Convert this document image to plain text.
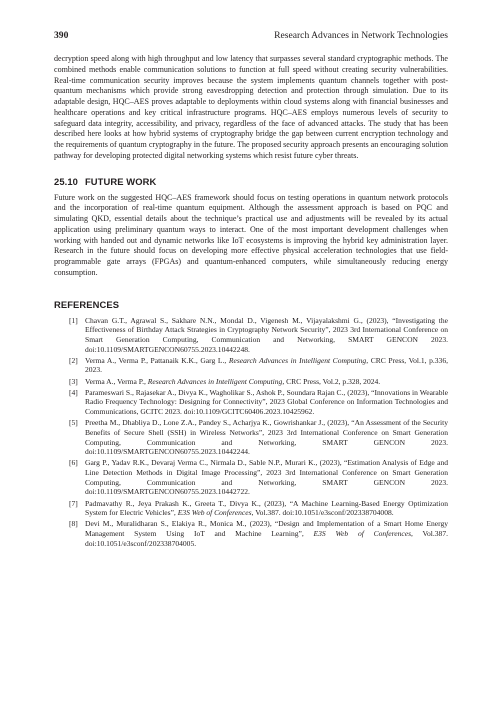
390	Research Advances in Network Technologies

decryption speed along with high throughput and low latency that surpasses several standard cryptographic methods. The combined methods enable communication solutions to function at full speed without creating security vulnerabilities. Real-time communication security improves because the system implements quantum channels together with post-quantum mechanisms which provide strong eavesdropping detection and protection through simulation. Due to its adaptable design, HQC–AES proves adaptable to deployments within cloud systems along with financial businesses and healthcare operations and key critical infrastructure programs. HQC–AES employs numerous levels of security to safeguard data integrity, accessibility, and privacy, regardless of the face of advanced attacks. The study that has been described here looks at how hybrid systems of cryptography bridge the gap between current encryption technology and the requirements of quantum cryptography in the future. The proposed security approach presents an encouraging solution pathway for developing protected digital networking systems which resist future cyber threats.

25.10 FUTURE WORK

Future work on the suggested HQC–AES framework should focus on testing operations in quantum network protocols and the incorporation of real-time quantum equipment. Although the assessment approach is based on PQC and simulating QKD, essential details about the technique’s practical use and adjustments will be revealed by its actual application using preliminary quantum ways to interact. One of the most important development challenges when working with handed out and dynamic networks like IoT ecosystems is improving the hybrid key administration layer. Research in the future should focus on developing more effective physical acceleration technologies that use field-programmable gate arrays (FPGAs) and quantum-enhanced computers, while simultaneously reducing energy consumption.

REFERENCES
[1] Chavan G.T., Agrawal S., Sakhare N.N., Mondal D., Vigenesh M., Vijayalakshmi G., (2023), “Investigating the Effectiveness of Birthday Attack Strategies in Cryptography Network Security”, 2023 3rd International Conference on Smart Generation Computing, Communication and Networking, SMART GENCON 2023. doi:10.1109/SMARTGENCON60755.2023.10442248.
[2] Verma A., Verma P., Pattanaik K.K., Garg L., Research Advances in Intelligent Computing, CRC Press, Vol.1, p.336, 2023.
[3] Verma A., Verma P., Research Advances in Intelligent Computing, CRC Press, Vol.2, p.328, 2024.
[4] Parameswari S., Rajasekar A., Divya K., Wagholikar S., Ashok P., Soundara Rajan C., (2023), “Innovations in Wearable Radio Frequency Technology: Designing for Connectivity”, 2023 Global Conference on Information Technologies and Communications, GCITC 2023. doi:10.1109/GCITC60406.2023.10425962.
[5] Preetha M., Dhabliya D., Lone Z.A., Pandey S., Acharjya K., Gowrishankar J., (2023), “An Assessment of the Security Benefits of Secure Shell (SSH) in Wireless Networks”, 2023 3rd International Conference on Smart Generation Computing, Communication and Networking, SMART GENCON 2023. doi:10.1109/SMARTGENCON60755.2023.10442244.
[6] Garg P., Yadav R.K., Devaraj Verma C., Nirmala D., Sable N.P., Murari K., (2023), “Estimation Analysis of Edge and Line Detection Methods in Digital Image Processing”, 2023 3rd International Conference on Smart Generation Computing, Communication and Networking, SMART GENCON 2023. doi:10.1109/SMARTGENCON60755.2023.10442722.
[7] Padmavathy R., Jeya Prakash K., Greeta T., Divya K., (2023), “A Machine Learning-Based Energy Optimization System for Electric Vehicles”, E3S Web of Conferences, Vol.387. doi:10.1051/e3sconf/202338704008.
[8] Devi M., Muralidharan S., Elakiya R., Monica M., (2023), “Design and Implementation of a Smart Home Energy Management System Using IoT and Machine Learning”, E3S Web of Conferences, Vol.387. doi:10.1051/e3sconf/202338704005.
